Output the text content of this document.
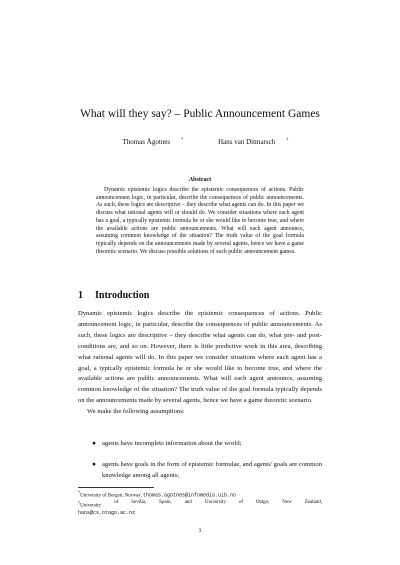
What will they say? – Public Announcement Games
Thomas Ågotnes *	Hans van Ditmarsch †
Abstract

Dynamic epistemic logics describe the epistemic consequences of actions. Public announcement logic, in particular, describe the consequences of public announcements. As such, these logics are descriptive – they describe what agents can do. In this paper we discuss what rational agents will or should do. We consider situations where each agent has a goal, a typically epistemic formula he or she would like to become true, and where the available actions are public announcements. What will each agent announce, assuming common knowledge of the situation? The truth value of the goal formula typically depends on the announcements made by several agents, hence we have a game theoretic scenario. We discuss possible solutions of such public announcement games.

1 Introduction

Dynamic epistemic logics describe the epistemic consequences of actions. Public announcement logic, in particular, describe the consequences of public announcements. As such, these logics are descriptive – they describe what agents can do, what pre- and post- conditions are, and so on. However, there is little predictive work in this area, describing what rational agents will do. In this paper we consider situations where each agent has a goal, a typically epistemic formula he or she would like to become true, and where the available actions are public announcements. What will each agent announce, assuming common knowledge of the situation? The truth value of the goal formula typically depends on the announcements made by several agents, hence we have a game theoretic scenario.

We make the following assumptions:

● agents have incomplete information about the world;
● agents have goals in the form of epistemic formulae, and agents' goals are common knowledge among all agents;

*University of Bergen, Norway, thomas.agotnes@infomedia.uib.no

†University
of	Sevilla,	Spain,	and	University	of	Otago,	New	Zealand,

hans@cs.otago.ac.nz

1
